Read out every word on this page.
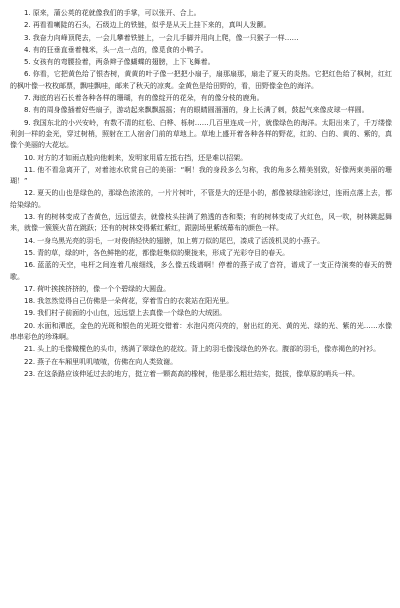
1. 原来，蒲公英的花就像我们的手掌，可以张开、合上。

2. 再看看喇陡的石头，石级边上的铁链，似乎是从天上挂下来的，真叫人发颤。

3. 我奋力向峰顶爬去，一会儿攀着铁链上，一会儿手脚并用向上爬，像一只猴子一样……

4. 有的狂垂直垂着槐米，头一点一点的，像觅食的小鸭子。

5. 女孩有的弯腰捡着，两条辫子像蝴蝶的翅膀，上下飞舞着。

6. 你看，它把黄色给了银杏树，黄黄的叶子像一把把小扇子，扇那扇那，扇走了夏天的炎热。它把红色给了枫树，红红的枫叶像一枚枚邮票，飘哇飘哇，邮来了秋天的凉爽。金黄色是给田野的，看，田野像金色的海洋。

7. 海底的岩石长着各种各样的珊瑚，有的像绽开的花朵，有的像分枝的鹿角。

8. 有的周身像插着好些扇子，游动起来飘飘摇摇；有的眼睛圆溜溜的，身上长满了刺，鼓起气来像皮球一样圆。

9. 我国东北的小兴安岭，有数不清的红松、白桦、栎树……几百里连成一片，就像绿色的海洋。太阳出来了，千万缕像利剑一样的金光，穿过树梢，照射在工人宿舍门前的草地上。草地上盛开着各种各样的野花，红的、白的、黄的、紫的，真像个美丽的大花坛。

10. 对方的才如雨点般向他刺来，发明家用盾左抵右挡，还是难以招架。

11. 他不看急离开了，对着池水欣赏自己的美丽：“啊！我的身段多么匀称，我的角多么精美别致，好像两束美丽的珊瑚！”

12. 夏天的山也是绿色的，那绿色浓浓的，一片片树叶，不管是大的还是小的，都像被绿油彩涂过，连雨点落上去，都给染绿的。

13. 有的树林变成了杏黄色，远远望去，就像枝头挂满了熟透的杏和梨；有的树林变成了火红色，风一吹，树林跳起舞来，就像一簇簇火苗在跳跃；还有的树林变得紫红紫红，跟剧场里紫绒幕布的颜色一样。

14. 一身乌黑光亮的羽毛，一对俊俏轻快的翅膀，加上剪刀似的尾巴，凑成了活泼机灵的小燕子。

15. 青的草，绿的叶，各色鲜艳的花，都像赶集似的聚拢来，形成了光彩夺目的春天。

16. 蓝蓝的天空，电杆之间连着几痕细线，多么像五线谱啊！停着的燕子成了音符，谱成了一支正待演奏的春天的赞歌。

17. 荷叶挨挨挤挤的，像一个个碧绿的大圆盘。

18. 我忽然觉得自己仿佛是一朵荷花，穿着雪白的衣裳站在阳光里。

19. 我们村子前面的小山包，远远望上去真像一个绿色的大绒团。

20. 水面和潭底，金色的光斑和银色的光斑交错着：水泡闪亮闪亮的，射出红的光、黄的光、绿的光、紫的光……水像串串彩色的珍珠啊。

21. 头上的毛像橄榄色的头巾，绣满了翠绿色的花纹。背上的羽毛像浅绿色的外衣。腹部的羽毛，像赤褐色的衬衫。

22. 燕子在车厢里叽叽喳喳，仿佛在向人类致谢。

23. 在这条路应该伸延过去的地方，挺立着一颗高高的橡树，他是那么粗壮结实，挺拔，像草原的哨兵一样。
